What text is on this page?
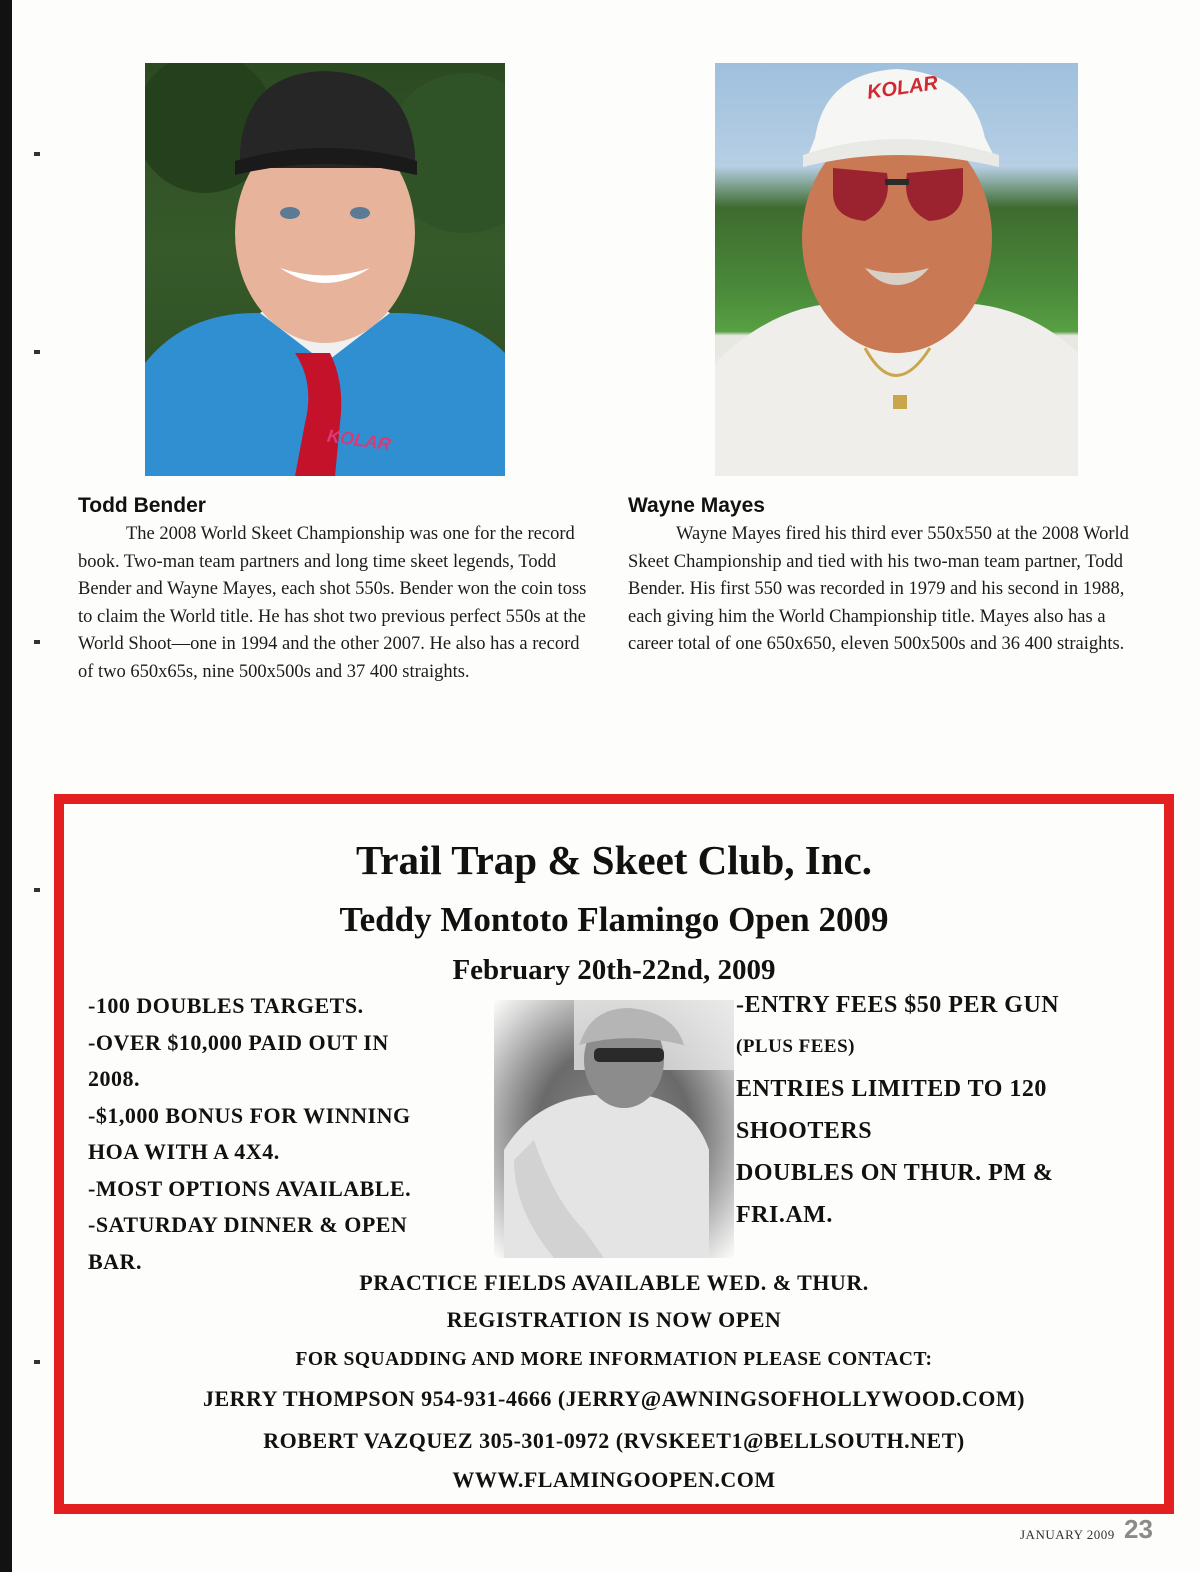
KOLAR
KOLAR
Todd Bender

The 2008 World Skeet Championship was one for the record book. Two-man team partners and long time skeet legends, Todd Bender and Wayne Mayes, each shot 550s. Bender won the coin toss to claim the World title. He has shot two previous perfect 550s at the World Shoot—one in 1994 and the other 2007. He also has a record of two 650x65s, nine 500x500s and 37 400 straights.

Wayne Mayes

Wayne Mayes fired his third ever 550x550 at the 2008 World Skeet Championship and tied with his two-man team partner, Todd Bender. His first 550 was recorded in 1979 and his second in 1988, each giving him the World Championship title. Mayes also has a career total of one 650x650, eleven 500x500s and 36 400 straights.

Trail Trap & Skeet Club, Inc.
Teddy Montoto Flamingo Open 2009
February 20th-22nd, 2009
-100 DOUBLES TARGETS.
-OVER $10,000 PAID OUT IN
2008.
-$1,000 BONUS FOR WINNING
HOA WITH A 4X4.
-MOST OPTIONS AVAILABLE.
-SATURDAY DINNER & OPEN
BAR.
-ENTRY FEES $50 PER GUN
(PLUS FEES)
ENTRIES LIMITED TO 120
SHOOTERS
DOUBLES ON THUR. PM &
FRI.AM.
PRACTICE FIELDS AVAILABLE WED. & THUR.
REGISTRATION IS NOW OPEN
FOR SQUADDING AND MORE INFORMATION PLEASE CONTACT:
JERRY THOMPSON 954-931-4666 (JERRY@AWNINGSOFHOLLYWOOD.COM)
ROBERT VAZQUEZ 305-301-0972 (RVSKEET1@BELLSOUTH.NET)
WWW.FLAMINGOOPEN.COM
JANUARY 2009 23
